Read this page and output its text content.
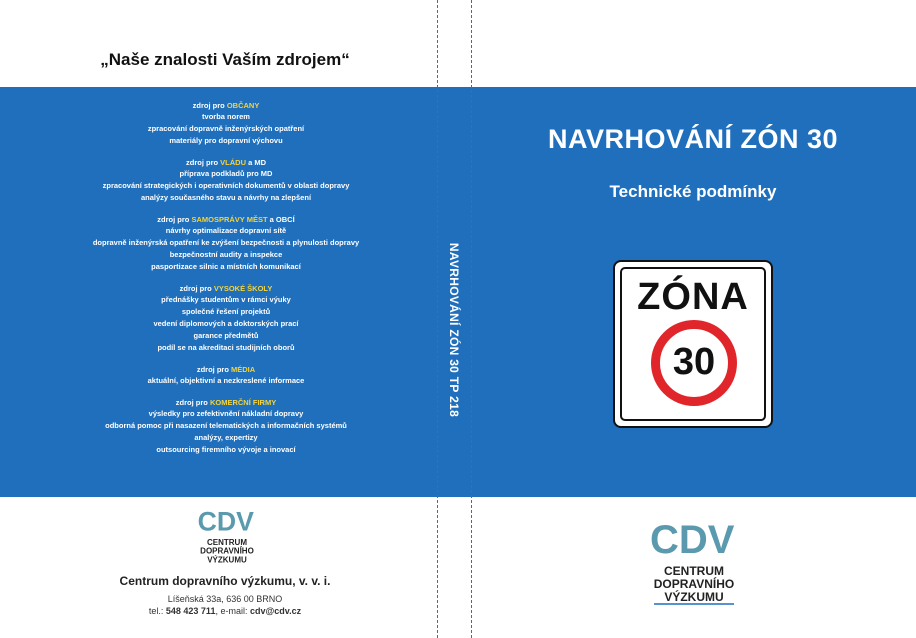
NAVRHOVÁNÍ ZÓN 30 TP 218
„Naše znalosti Vaším zdrojem“
zdroj pro OBČANY
tvorba norem
zpracování dopravně inženýrských opatření
materiály pro dopravní výchovu
zdroj pro VLÁDU a MD
příprava podkladů pro MD
zpracování strategických i operativních dokumentů v oblasti dopravy
analýzy současného stavu a návrhy na zlepšení
zdroj pro SAMOSPRÁVY MĚST a OBCÍ
návrhy optimalizace dopravní sítě
dopravně inženýrská opatření ke zvýšení bezpečnosti a plynulosti dopravy
bezpečnostní audity a inspekce
pasportizace silnic a místních komunikací
zdroj pro VYSOKÉ ŠKOLY
přednášky studentům v rámci výuky
společné řešení projektů
vedení diplomových a doktorských prací
garance předmětů
podíl se na akreditaci studijních oborů
zdroj pro MÉDIA
aktuální, objektivní a nezkreslené informace
zdroj pro KOMERČNÍ FIRMY
výsledky pro zefektivnění nákladní dopravy
odborná pomoc při nasazení telematických a informačních systémů
analýzy, expertizy
outsourcing firemního vývoje a inovací
NAVRHOVÁNÍ ZÓN 30
Technické podmínky
ZÓNA
30
CDV
CENTRUM
DOPRAVNÍHO
VÝZKUMU
Centrum dopravního výzkumu, v. v. i.
Líšeňská 33a, 636 00 BRNO
tel.: 548 423 711, e-mail: cdv@cdv.cz
CDV
CENTRUM
DOPRAVNÍHO
VÝZKUMU
